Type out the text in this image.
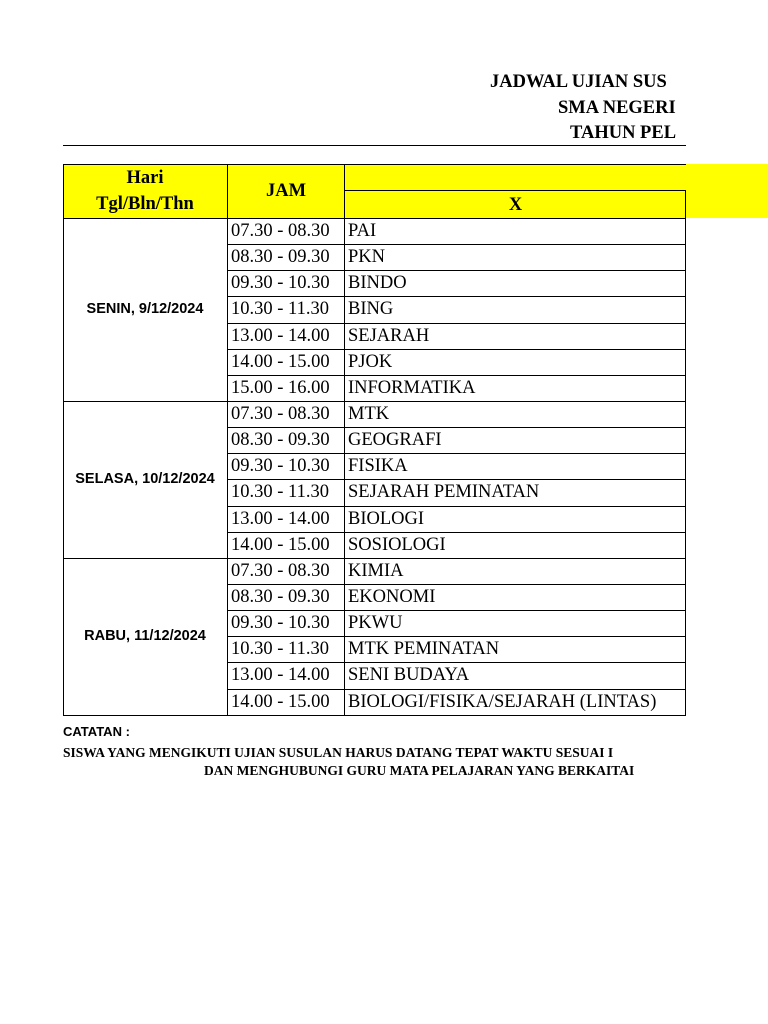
JADWAL UJIAN SUS
SMA NEGERI
TAHUN PEL
Hari
Tgl/Bln/Thn
JAM
X
SENIN, 9/12/2024
07.30 - 08.30 PAI
08.30 - 09.30 PKN
09.30 - 10.30 BINDO
10.30 - 11.30	BING
13.00 - 14.00 SEJARAH
14.00 - 15.00 PJOK
15.00 - 16.00 INFORMATIKA
SELASA, 10/12/2024
07.30 - 08.30 MTK
08.30 - 09.30 GEOGRAFI
09.30 - 10.30 FISIKA
10.30 - 11.30	SEJARAH PEMINATAN
13.00 - 14.00 BIOLOGI
14.00 - 15.00 SOSIOLOGI
RABU, 11/12/2024
07.30 - 08.30 KIMIA
08.30 - 09.30 EKONOMI
09.30 - 10.30 PKWU
10.30 - 11.30	MTK PEMINATAN
13.00 - 14.00 SENI BUDAYA
14.00 - 15.00 BIOLOGI/FISIKA/SEJARAH (LINTAS)
CATATAN :
SISWA YANG MENGIKUTI UJIAN SUSULAN HARUS DATANG TEPAT WAKTU SESUAI I
DAN MENGHUBUNGI GURU MATA PELAJARAN YANG BERKAITAI
